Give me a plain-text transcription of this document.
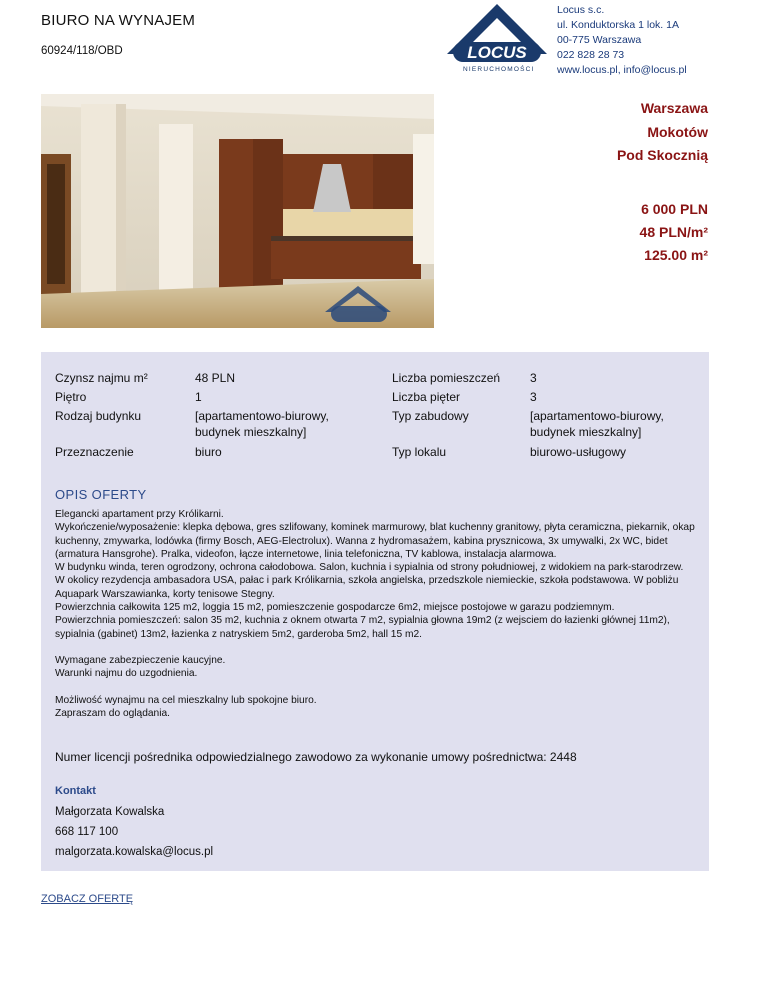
BIURO NA WYNAJEM
60924/118/OBD	LOCUS
NIERUCHOMOŚCI
Locus s.c.
ul. Konduktorska 1 lok. 1A
00-775 Warszawa
022 828 28 73
www.locus.pl, info@locus.pl
Warszawa
Mokotów
Pod Skocznią
6 000 PLN
48 PLN/m²
125.00 m²
Czynsz najmu m²	48 PLN	Liczba pomieszczeń 3
Piętro	1	Liczba pięter	3
Rodzaj budynku	[apartamentowo-biurowy, budynek mieszkalny]
Typ zabudowy	[apartamentowo-biurowy, budynek mieszkalny]
Przeznaczenie	biuro	Typ lokalu	biurowo-usługowy
OPIS OFERTY

Elegancki apartament przy Królikarni.

Wykończenie/wyposażenie: klepka dębowa, gres szlifowany, kominek marmurowy, blat kuchenny granitowy, płyta ceramiczna, piekarnik, okap kuchenny, zmywarka, lodówka (firmy Bosch, AEG-Electrolux). Wanna z hydromasażem, kabina prysznicowa, 3x umywalki, 2x WC, bidet (armatura Hansgrohe). Pralka, videofon, łącze internetowe, linia telefoniczna, TV kablowa, instalacja alarmowa.

W budynku winda, teren ogrodzony, ochrona całodobowa. Salon, kuchnia i sypialnia od strony południowej, z widokiem na park-starodrzew.

W okolicy rezydencja ambasadora USA, pałac i park Królikarnia, szkoła angielska, przedszkole niemieckie, szkoła podstawowa. W pobliżu Aquapark Warszawianka, korty tenisowe Stegny.

Powierzchnia całkowita 125 m2, loggia 15 m2, pomieszczenie gospodarcze 6m2, miejsce postojowe w garazu podziemnym.

Powierzchnia pomieszczeń: salon 35 m2, kuchnia z oknem otwarta 7 m2, sypialnia głowna 19m2 (z wejsciem do łazienki głównej 11m2), sypialnia (gabinet) 13m2, łazienka z natryskiem 5m2, garderoba 5m2, hall 15 m2.

Wymagane zabezpieczenie kaucyjne.

Warunki najmu do uzgodnienia.

Możliwość wynajmu na cel mieszkalny lub spokojne biuro.

Zapraszam do oglądania.

Numer licencji pośrednika odpowiedzialnego zawodowo za wykonanie umowy pośrednictwa: 2448
Kontakt
Małgorzata Kowalska
668 117 100
malgorzata.kowalska@locus.pl
ZOBACZ OFERTĘ
